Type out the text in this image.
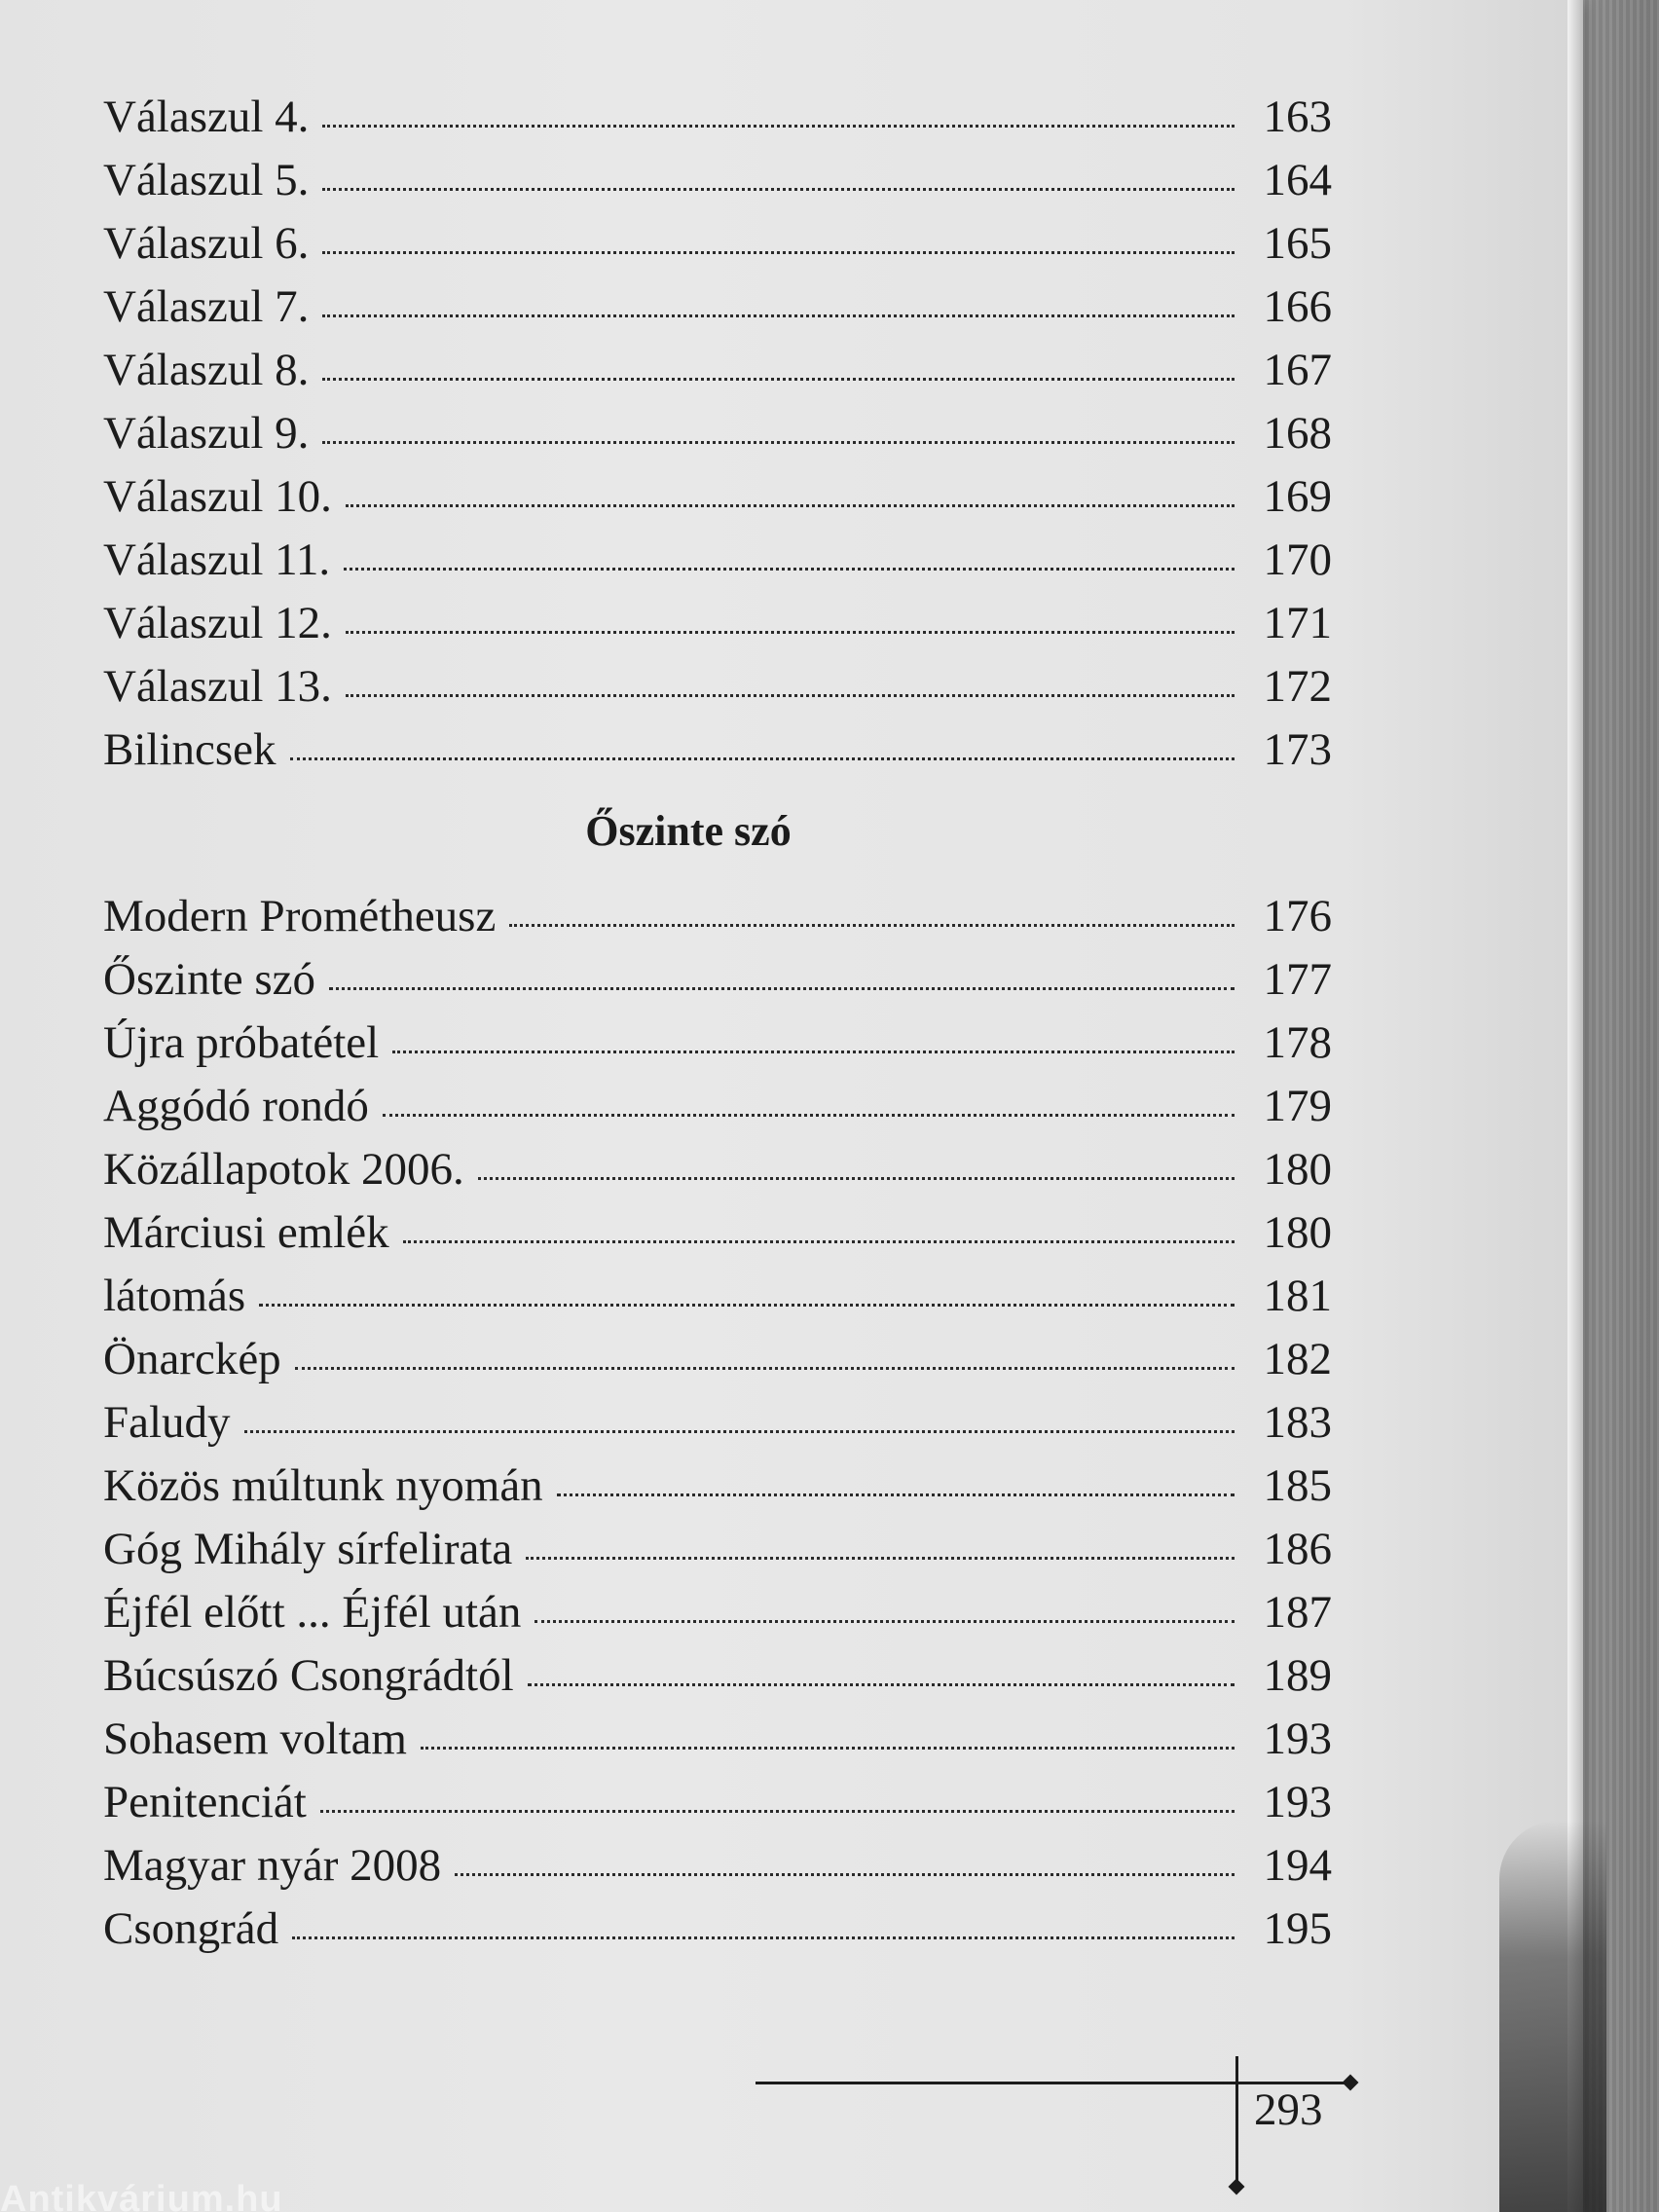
Válaszul 4.	163
Válaszul 5.	164
Válaszul 6.	165
Válaszul 7.	166
Válaszul 8.	167
Válaszul 9.	168
Válaszul 10.	169
Válaszul 11.	170
Válaszul 12.	171
Válaszul 13.	172
Bilincsek	173
Őszinte szó
Modern Prométheusz	176
Őszinte szó	177
Újra próbatétel	178
Aggódó rondó	179
Közállapotok 2006.	180
Márciusi emlék	180
látomás	181
Önarckép	182
Faludy	183
Közös múltunk nyomán	185
Góg Mihály sírfelirata	186
Éjfél előtt ... Éjfél után	187
Búcsúszó Csongrádtól	189
Sohasem voltam	193
Penitenciát	193
Magyar nyár 2008	194
Csongrád	195
293
Antikvárium.hu
